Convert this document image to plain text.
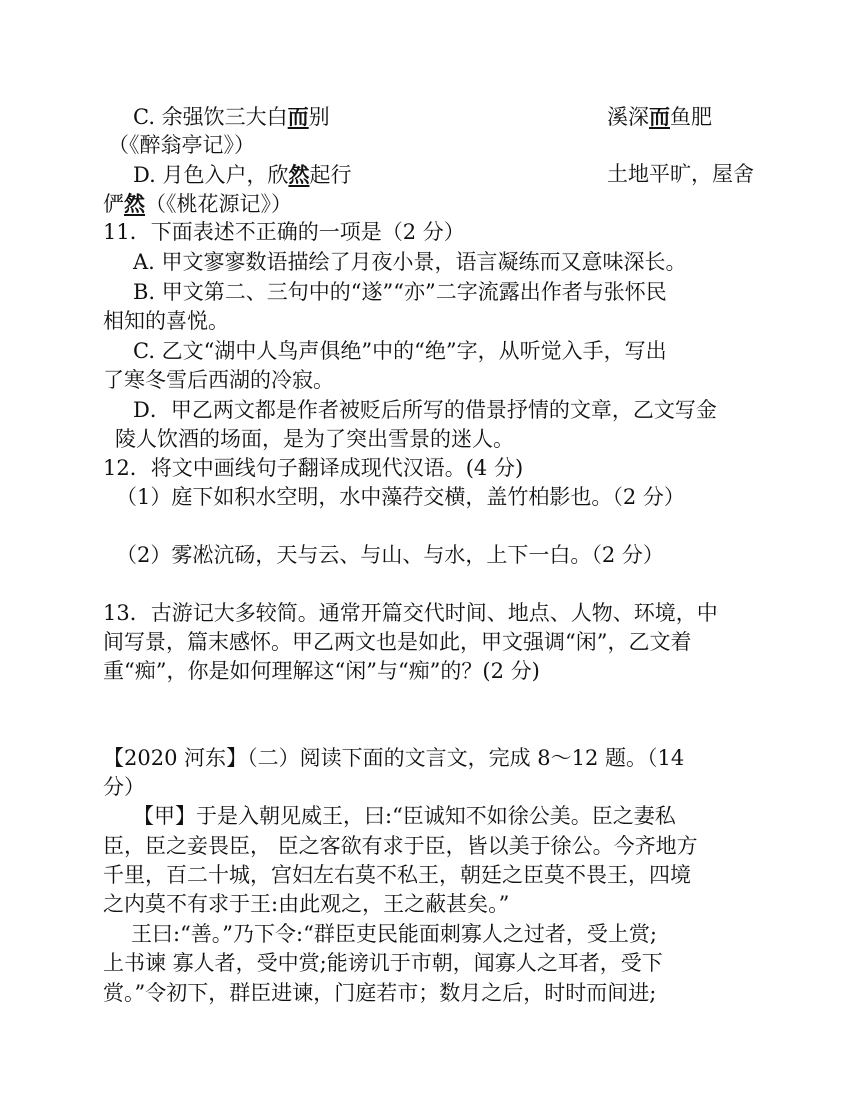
C. 余强饮三大白而别	溪深而鱼肥
（《醉翁亭记》）
D. 月色入户，欣然起行	土地平旷，屋舍
俨然（《桃花源记》）
11．下面表述不正确的一项是（2 分）
A. 甲文寥寥数语描绘了月夜小景，语言凝练而又意味深长。
B. 甲文第二、三句中的“遂”“亦”二字流露出作者与张怀民
相知的喜悦。
C. 乙文“湖中人鸟声俱绝”中的“绝”字，从听觉入手，写出
了寒冬雪后西湖的冷寂。
D．甲乙两文都是作者被贬后所写的借景抒情的文章，乙文写金
陵人饮酒的场面，是为了突出雪景的迷人。
12．将文中画线句子翻译成现代汉语。(4 分)
（1）庭下如积水空明，水中藻荇交横，盖竹柏影也。（2 分）
（2）雾凇沆砀，天与云、与山、与水，上下一白。（2 分）
13．古游记大多较简。通常开篇交代时间、地点、人物、环境，中
间写景，篇末感怀。甲乙两文也是如此，甲文强调“闲”，乙文着
重“痴”，你是如何理解这“闲”与“痴”的？(2 分)
【2020 河东】（二）阅读下面的文言文，完成 8～12 题。（14
分）
【甲】于是入朝见威王，曰:“臣诚知不如徐公美。臣之妻私
臣，臣之妾畏臣， 臣之客欲有求于臣，皆以美于徐公。今齐地方
千里，百二十城，宫妇左右莫不私王，朝廷之臣莫不畏王，四境
之内莫不有求于王:由此观之，王之蔽甚矣。”
王曰:“善。”乃下令:“群臣吏民能面刺寡人之过者，受上赏;
上书谏 寡人者，受中赏;能谤讥于市朝，闻寡人之耳者，受下
赏。”令初下，群臣进谏，门庭若市；数月之后，时时而间进;
